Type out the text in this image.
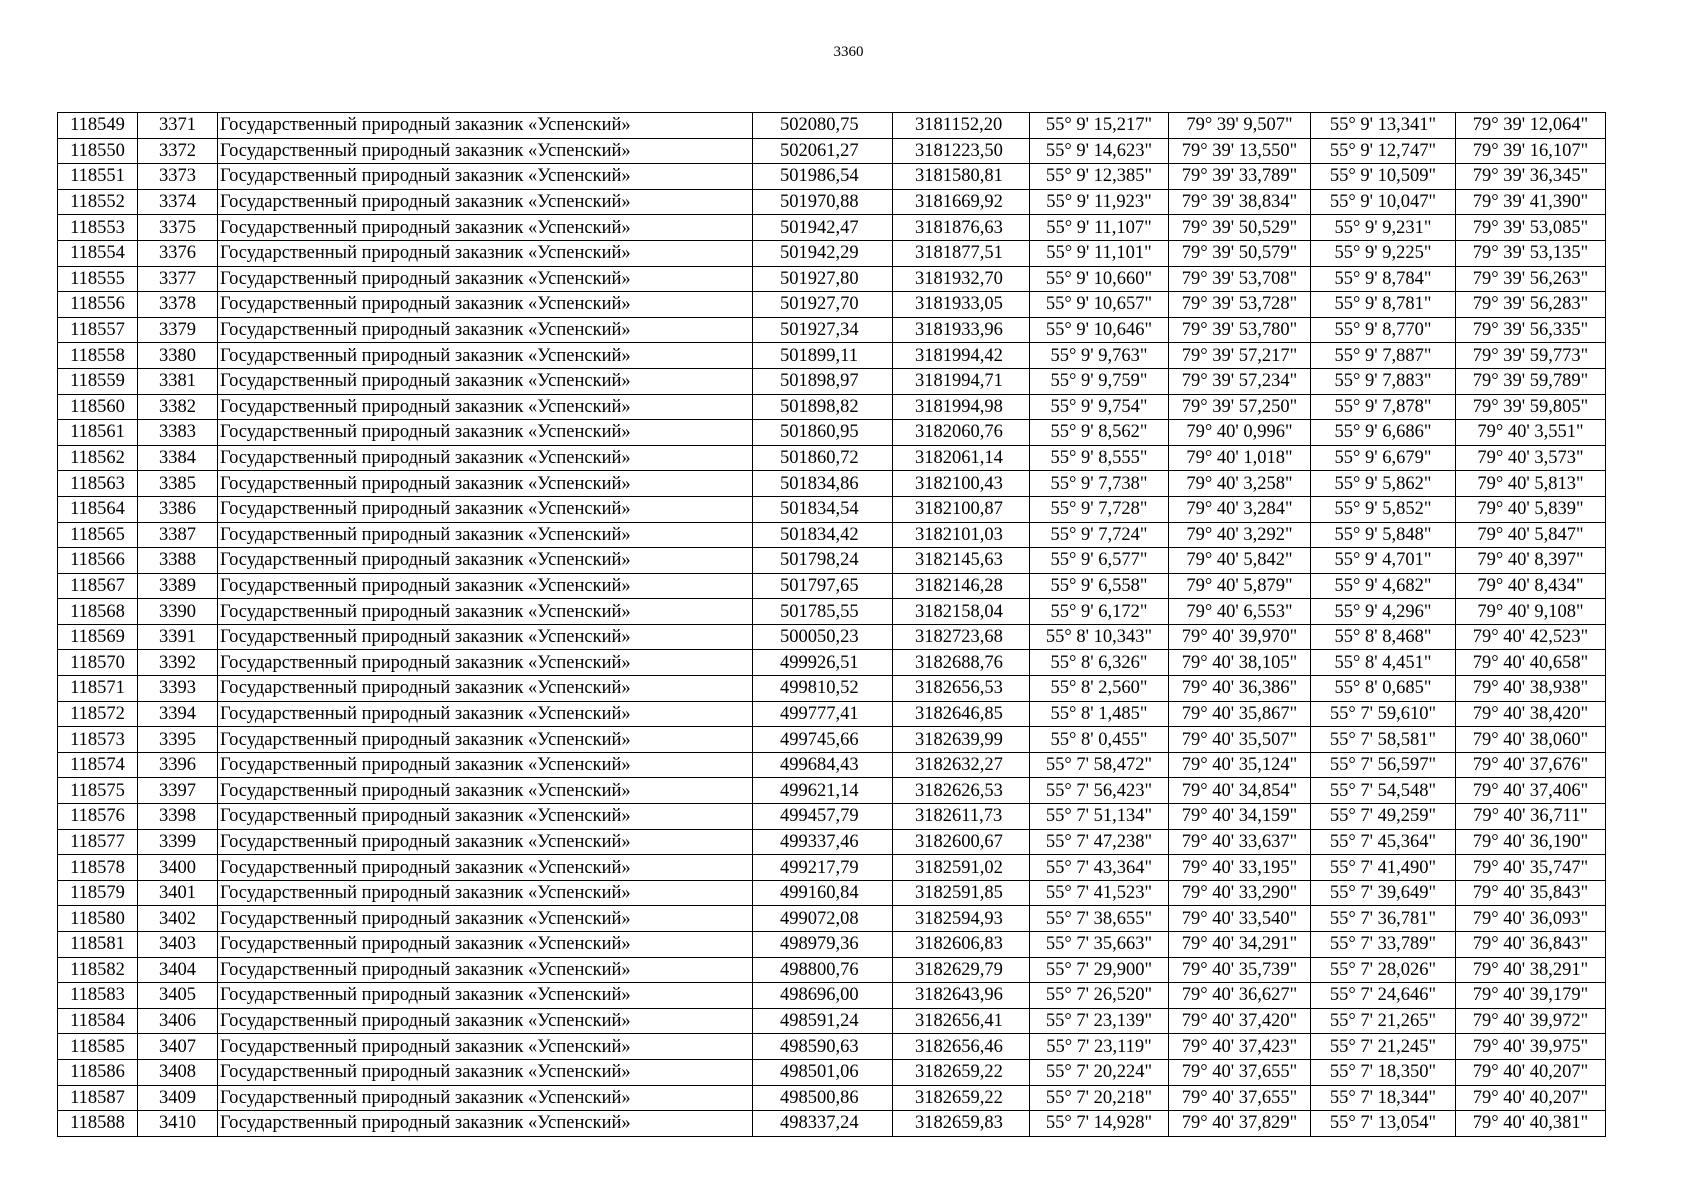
3360
118549	3371	Государственный природный заказник «Успенский»	502080,75	3181152,20	55° 9' 15,217"	79° 39' 9,507"	55° 9' 13,341"	79° 39' 12,064"
118550	3372	Государственный природный заказник «Успенский»	502061,27	3181223,50	55° 9' 14,623"	79° 39' 13,550"	55° 9' 12,747"	79° 39' 16,107"
118551	3373	Государственный природный заказник «Успенский»	501986,54	3181580,81	55° 9' 12,385"	79° 39' 33,789"	55° 9' 10,509"	79° 39' 36,345"
118552	3374	Государственный природный заказник «Успенский»	501970,88	3181669,92	55° 9' 11,923"	79° 39' 38,834"	55° 9' 10,047"	79° 39' 41,390"
118553	3375	Государственный природный заказник «Успенский»	501942,47	3181876,63	55° 9' 11,107"	79° 39' 50,529"	55° 9' 9,231"	79° 39' 53,085"
118554	3376	Государственный природный заказник «Успенский»	501942,29	3181877,51	55° 9' 11,101"	79° 39' 50,579"	55° 9' 9,225"	79° 39' 53,135"
118555	3377	Государственный природный заказник «Успенский»	501927,80	3181932,70	55° 9' 10,660"	79° 39' 53,708"	55° 9' 8,784"	79° 39' 56,263"
118556	3378	Государственный природный заказник «Успенский»	501927,70	3181933,05	55° 9' 10,657"	79° 39' 53,728"	55° 9' 8,781"	79° 39' 56,283"
118557	3379	Государственный природный заказник «Успенский»	501927,34	3181933,96	55° 9' 10,646"	79° 39' 53,780"	55° 9' 8,770"	79° 39' 56,335"
118558	3380	Государственный природный заказник «Успенский»	501899,11	3181994,42	55° 9' 9,763"	79° 39' 57,217"	55° 9' 7,887"	79° 39' 59,773"
118559	3381	Государственный природный заказник «Успенский»	501898,97	3181994,71	55° 9' 9,759"	79° 39' 57,234"	55° 9' 7,883"	79° 39' 59,789"
118560	3382	Государственный природный заказник «Успенский»	501898,82	3181994,98	55° 9' 9,754"	79° 39' 57,250"	55° 9' 7,878"	79° 39' 59,805"
118561	3383	Государственный природный заказник «Успенский»	501860,95	3182060,76	55° 9' 8,562"	79° 40' 0,996"	55° 9' 6,686"	79° 40' 3,551"
118562	3384	Государственный природный заказник «Успенский»	501860,72	3182061,14	55° 9' 8,555"	79° 40' 1,018"	55° 9' 6,679"	79° 40' 3,573"
118563	3385	Государственный природный заказник «Успенский»	501834,86	3182100,43	55° 9' 7,738"	79° 40' 3,258"	55° 9' 5,862"	79° 40' 5,813"
118564	3386	Государственный природный заказник «Успенский»	501834,54	3182100,87	55° 9' 7,728"	79° 40' 3,284"	55° 9' 5,852"	79° 40' 5,839"
118565	3387	Государственный природный заказник «Успенский»	501834,42	3182101,03	55° 9' 7,724"	79° 40' 3,292"	55° 9' 5,848"	79° 40' 5,847"
118566	3388	Государственный природный заказник «Успенский»	501798,24	3182145,63	55° 9' 6,577"	79° 40' 5,842"	55° 9' 4,701"	79° 40' 8,397"
118567	3389	Государственный природный заказник «Успенский»	501797,65	3182146,28	55° 9' 6,558"	79° 40' 5,879"	55° 9' 4,682"	79° 40' 8,434"
118568	3390	Государственный природный заказник «Успенский»	501785,55	3182158,04	55° 9' 6,172"	79° 40' 6,553"	55° 9' 4,296"	79° 40' 9,108"
118569	3391	Государственный природный заказник «Успенский»	500050,23	3182723,68	55° 8' 10,343"	79° 40' 39,970"	55° 8' 8,468"	79° 40' 42,523"
118570	3392	Государственный природный заказник «Успенский»	499926,51	3182688,76	55° 8' 6,326"	79° 40' 38,105"	55° 8' 4,451"	79° 40' 40,658"
118571	3393	Государственный природный заказник «Успенский»	499810,52	3182656,53	55° 8' 2,560"	79° 40' 36,386"	55° 8' 0,685"	79° 40' 38,938"
118572	3394	Государственный природный заказник «Успенский»	499777,41	3182646,85	55° 8' 1,485"	79° 40' 35,867"	55° 7' 59,610"	79° 40' 38,420"
118573	3395	Государственный природный заказник «Успенский»	499745,66	3182639,99	55° 8' 0,455"	79° 40' 35,507"	55° 7' 58,581"	79° 40' 38,060"
118574	3396	Государственный природный заказник «Успенский»	499684,43	3182632,27	55° 7' 58,472"	79° 40' 35,124"	55° 7' 56,597"	79° 40' 37,676"
118575	3397	Государственный природный заказник «Успенский»	499621,14	3182626,53	55° 7' 56,423"	79° 40' 34,854"	55° 7' 54,548"	79° 40' 37,406"
118576	3398	Государственный природный заказник «Успенский»	499457,79	3182611,73	55° 7' 51,134"	79° 40' 34,159"	55° 7' 49,259"	79° 40' 36,711"
118577	3399	Государственный природный заказник «Успенский»	499337,46	3182600,67	55° 7' 47,238"	79° 40' 33,637"	55° 7' 45,364"	79° 40' 36,190"
118578	3400	Государственный природный заказник «Успенский»	499217,79	3182591,02	55° 7' 43,364"	79° 40' 33,195"	55° 7' 41,490"	79° 40' 35,747"
118579	3401	Государственный природный заказник «Успенский»	499160,84	3182591,85	55° 7' 41,523"	79° 40' 33,290"	55° 7' 39,649"	79° 40' 35,843"
118580	3402	Государственный природный заказник «Успенский»	499072,08	3182594,93	55° 7' 38,655"	79° 40' 33,540"	55° 7' 36,781"	79° 40' 36,093"
118581	3403	Государственный природный заказник «Успенский»	498979,36	3182606,83	55° 7' 35,663"	79° 40' 34,291"	55° 7' 33,789"	79° 40' 36,843"
118582	3404	Государственный природный заказник «Успенский»	498800,76	3182629,79	55° 7' 29,900"	79° 40' 35,739"	55° 7' 28,026"	79° 40' 38,291"
118583	3405	Государственный природный заказник «Успенский»	498696,00	3182643,96	55° 7' 26,520"	79° 40' 36,627"	55° 7' 24,646"	79° 40' 39,179"
118584	3406	Государственный природный заказник «Успенский»	498591,24	3182656,41	55° 7' 23,139"	79° 40' 37,420"	55° 7' 21,265"	79° 40' 39,972"
118585	3407	Государственный природный заказник «Успенский»	498590,63	3182656,46	55° 7' 23,119"	79° 40' 37,423"	55° 7' 21,245"	79° 40' 39,975"
118586	3408	Государственный природный заказник «Успенский»	498501,06	3182659,22	55° 7' 20,224"	79° 40' 37,655"	55° 7' 18,350"	79° 40' 40,207"
118587	3409	Государственный природный заказник «Успенский»	498500,86	3182659,22	55° 7' 20,218"	79° 40' 37,655"	55° 7' 18,344"	79° 40' 40,207"
118588	3410	Государственный природный заказник «Успенский»	498337,24	3182659,83	55° 7' 14,928"	79° 40' 37,829"	55° 7' 13,054"	79° 40' 40,381"
